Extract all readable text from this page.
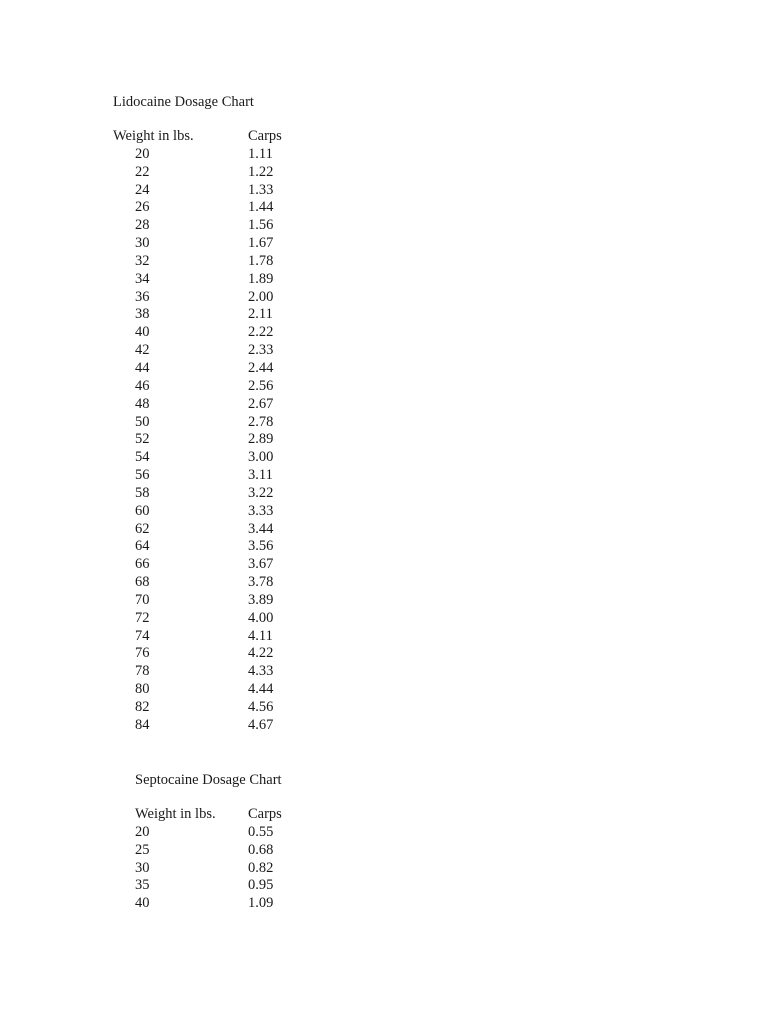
Lidocaine Dosage Chart
Weight in lbs.	Carps
20	1.11
22	1.22
24	1.33
26	1.44
28	1.56
30	1.67
32	1.78
34	1.89
36	2.00
38	2.11
40	2.22
42	2.33
44	2.44
46	2.56
48	2.67
50	2.78
52	2.89
54	3.00
56	3.11
58	3.22
60	3.33
62	3.44
64	3.56
66	3.67
68	3.78
70	3.89
72	4.00
74	4.11
76	4.22
78	4.33
80	4.44
82	4.56
84	4.67
Septocaine Dosage Chart
Weight in lbs. Carps
20	0.55
25	0.68
30	0.82
35	0.95
40	1.09
